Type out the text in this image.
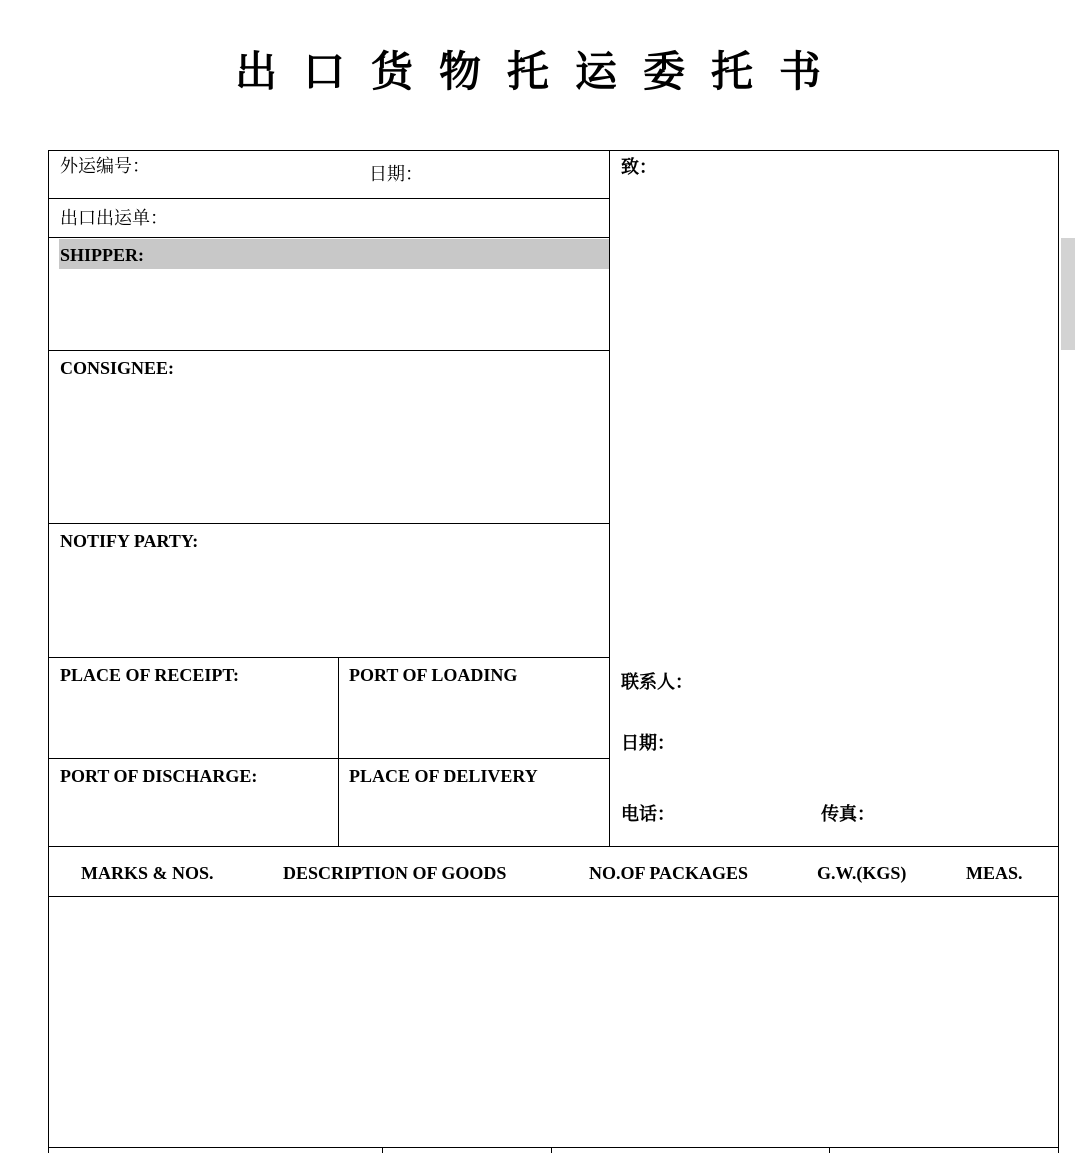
出口货物托运委托书
外运编号：	日期：
出口出运单：
SHIPPER:
CONSIGNEE:
NOTIFY PARTY:
PLACE OF RECEIPT:	PORT OF LOADING
PORT OF DISCHARGE:	PLACE OF DELIVERY
致：
联系人：
日期：
电话：	传真：
MARKS & NOS.	DESCRIPTION OF GOODS	NO.OF PACKAGES	G.W.(KGS)	MEAS.
